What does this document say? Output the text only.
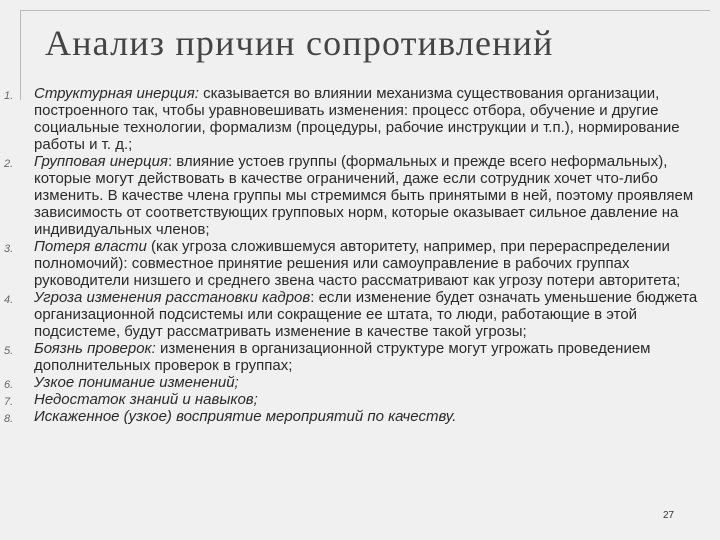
Анализ причин сопротивлений
1.	Структурная инерция: сказывается во влиянии механизма существования организации, построенного так, чтобы уравновешивать изменения: процесс отбора, обучение и другие социальные технологии, формализм (процедуры, рабочие инструкции и т.п.), нормирование работы и т. д.;
2.	Групповая инерция: влияние устоев группы (формальных и прежде всего неформальных), которые могут действовать в качестве ограничений, даже если сотрудник хочет что-либо изменить. В качестве члена группы мы стремимся быть принятыми в ней, поэтому проявляем зависимость от соответствующих групповых норм, которые оказывает сильное давление на индивидуальных членов;
3.	Потеря власти (как угроза сложившемуся авторитету, например, при перераспределении полномочий): совместное принятие решения или самоуправление в рабочих группах руководители низшего и среднего звена часто рассматривают как угрозу потери авторитета;
4.	Угроза изменения расстановки кадров: если изменение будет означать уменьшение бюджета организационной подсистемы или сокращение ее штата, то люди, работающие в этой подсистеме, будут рассматривать изменение в качестве такой угрозы;
5.	Боязнь проверок: изменения в организационной структуре могут угрожать проведением дополнительных проверок в группах;
6.	Узкое понимание изменений;
7.	Недостаток знаний и навыков;
8.	Искаженное (узкое) восприятие мероприятий по качеству.
27
